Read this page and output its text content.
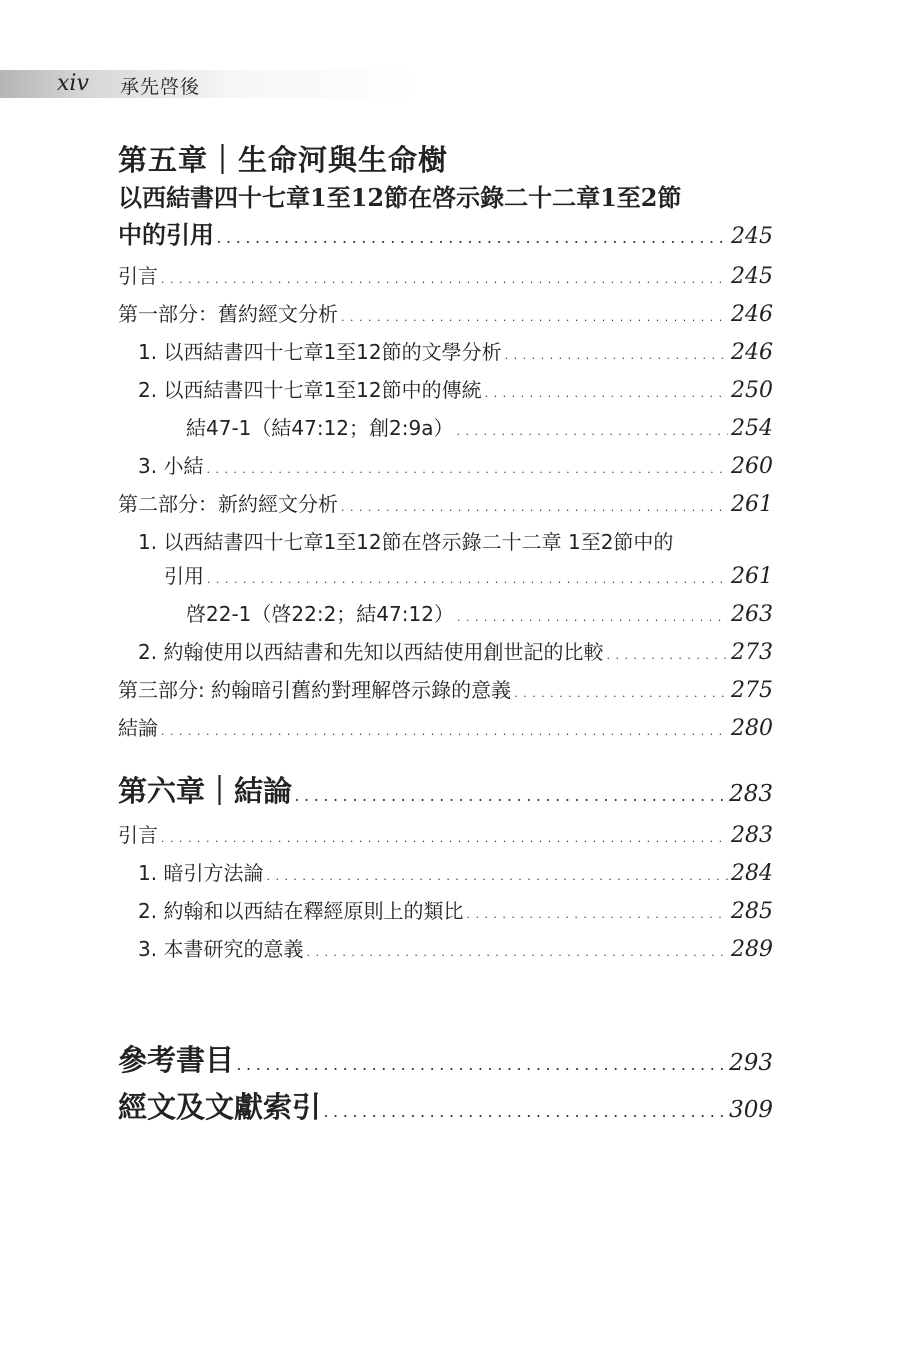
xiv 承先啓後
第五章｜生命河與生命樹
以西結書四十七章1至12節在啓示錄二十二章1至2節
中的引用 . . .	245
引言 . . .	245
第一部分：舊約經文分析 . . .	246
1. 以西結書四十七章1至12節的文學分析 . . .	246
2. 以西結書四十七章1至12節中的傳統 . . .	250
結47-1（結47:12；創2:9a） . . .	254
3. 小結 . . .	260
第二部分：新約經文分析 . . .	261
1. 以西結書四十七章1至12節在啓示錄二十二章 1至2節中的
引用 . . .	261
啓22-1（啓22:2；結47:12） . . .	263
2. 約翰使用以西結書和先知以西結使用創世記的比較 . . .	273
第三部分: 約翰暗引舊約對理解啓示錄的意義 . . .	275
結論 . . .	280
第六章｜結論 . . .	283
引言 . . .	283
1. 暗引方法論 . . .	284
2. 約翰和以西結在釋經原則上的類比 . . .	285
3. 本書研究的意義 . . .	289
參考書目 . . .	293
經文及文獻索引 . . .	309
